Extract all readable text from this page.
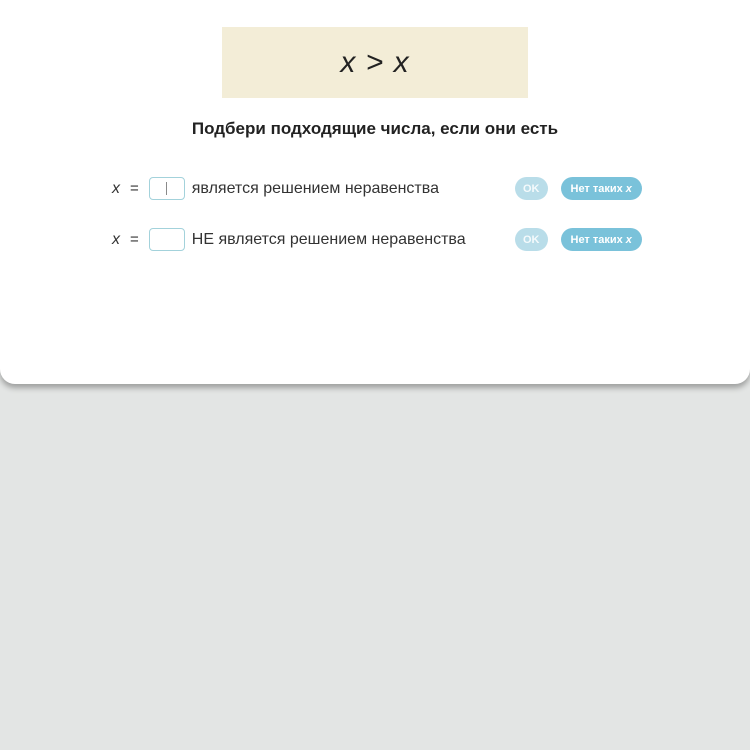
x > x
Подбери подходящие числа, если они есть
x =	является решением неравенства	OK	Нет таких x
x =	НЕ является решением неравенства	OK	Нет таких x
